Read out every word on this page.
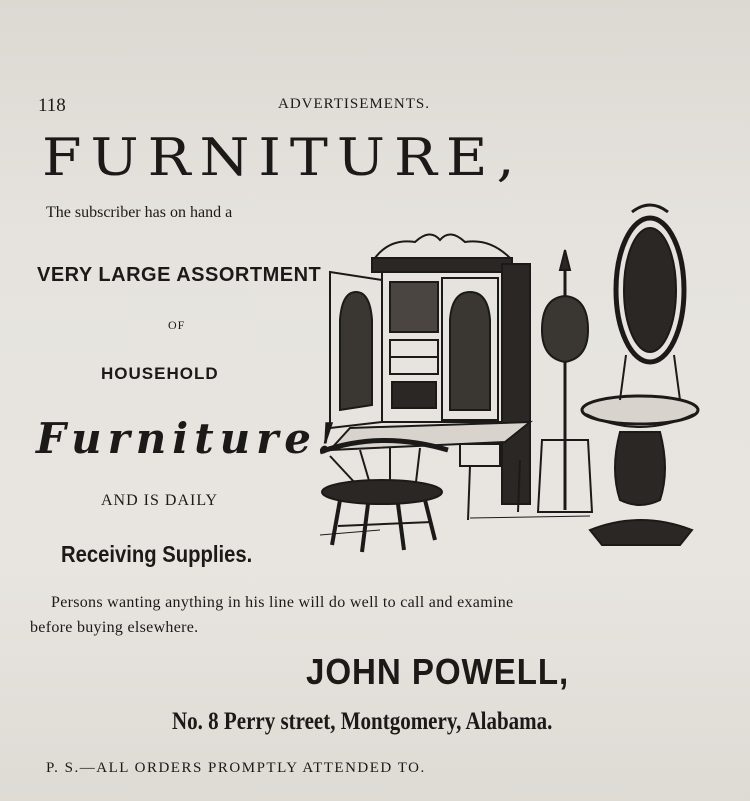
118	ADVERTISEMENTS.
FURNITURE,
The subscriber has on hand a
VERY LARGE ASSORTMENT
OF
HOUSEHOLD
Furniture!
AND IS DAILY
Receiving Supplies.
Persons wanting anything in his line will do well to call and examine
before buying elsewhere.
JOHN POWELL,
No. 8 Perry street, Montgomery, Alabama.
P. S.—ALL ORDERS PROMPTLY ATTENDED TO.
